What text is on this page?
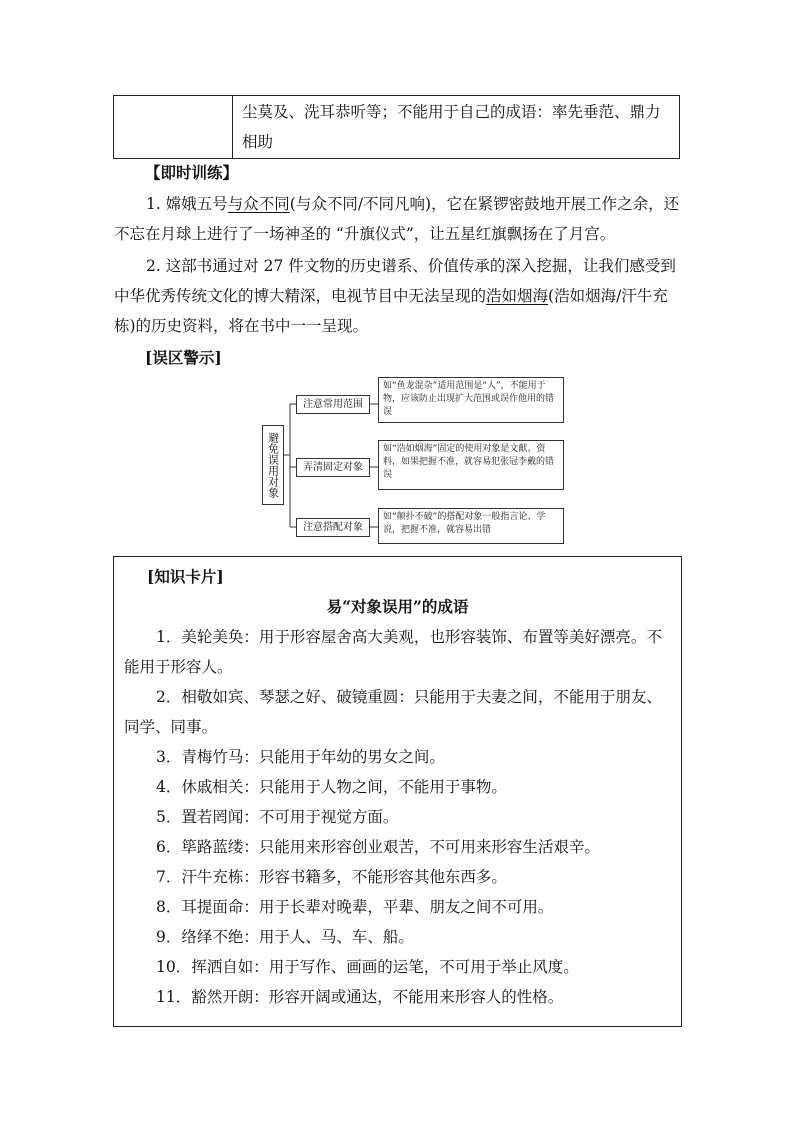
尘莫及、洗耳恭听等；不能用于自己的成语：率先垂范、鼎力相助
【即时训练】
1. 嫦娥五号与众不同(与众不同/不同凡响)，它在紧锣密鼓地开展工作之余，还不忘在月球上进行了一场神圣的 “升旗仪式”，让五星红旗飘扬在了月宫。
2. 这部书通过对 27 件文物的历史谱系、价值传承的深入挖掘，让我们感受到中华优秀传统文化的博大精深，电视节目中无法呈现的浩如烟海(浩如烟海/汗牛充栋)的历史资料，将在书中一一呈现。
[误区警示]
避免误用对象
注意常用范围
弄清固定对象
注意搭配对象
如“鱼龙混杂”适用范围是“人”，不能用于物，应该防止出现扩大范围或误作他用的错误
如“浩如烟海”固定的使用对象是文献、资料，如果把握不准，就容易犯张冠李戴的错误
如“颠扑不破”的搭配对象一般指言论、学说，把握不准，就容易出错
[知识卡片]
易“对象误用”的成语
1．美轮美奂：用于形容屋舍高大美观，也形容装饰、布置等美好漂亮。不能用于形容人。
2．相敬如宾、琴瑟之好、破镜重圆：只能用于夫妻之间，不能用于朋友、同学、同事。
3．青梅竹马：只能用于年幼的男女之间。
4．休戚相关：只能用于人物之间，不能用于事物。
5．置若罔闻：不可用于视觉方面。
6．筚路蓝缕：只能用来形容创业艰苦，不可用来形容生活艰辛。
7．汗牛充栋：形容书籍多，不能形容其他东西多。
8．耳提面命：用于长辈对晚辈，平辈、朋友之间不可用。
9．络绎不绝：用于人、马、车、船。
10．挥洒自如：用于写作、画画的运笔，不可用于举止风度。
11．豁然开朗：形容开阔或通达，不能用来形容人的性格。
